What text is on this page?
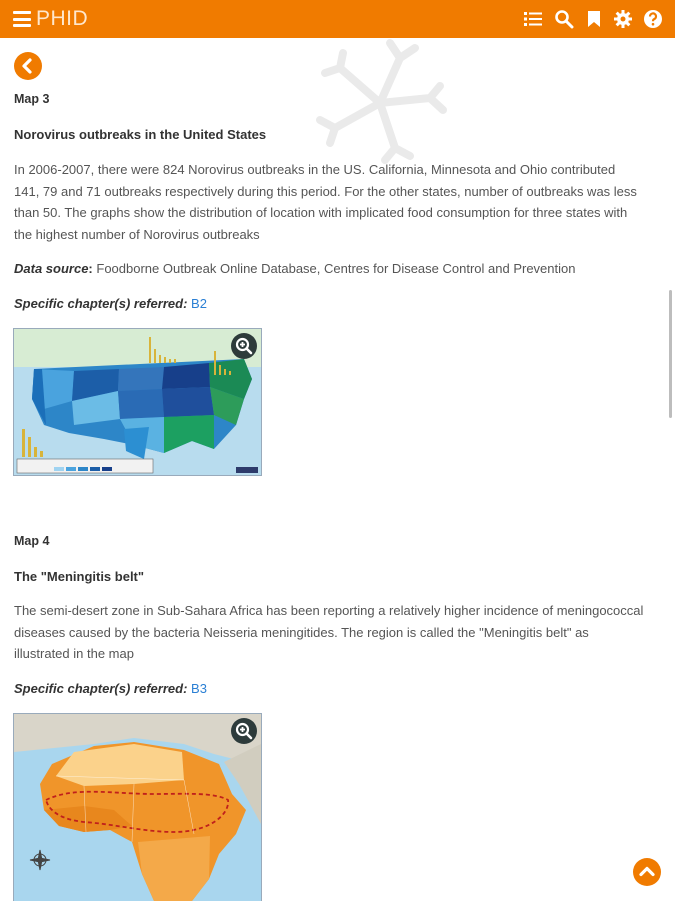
PHID
Map 3
Norovirus outbreaks in the United States
In 2006-2007, there were 824 Norovirus outbreaks in the US. California, Minnesota and Ohio contributed 141, 79 and 71 outbreaks respectively during this period. For the other states, number of outbreaks was less than 50. The graphs show the distribution of location with implicated food consumption for three states with the highest number of Norovirus outbreaks
Data source: Foodborne Outbreak Online Database, Centres for Disease Control and Prevention
Specific chapter(s) referred: B2
Map 4
The "Meningitis belt"
The semi-desert zone in Sub-Sahara Africa has been reporting a relatively higher incidence of meningococcal diseases caused by the bacteria Neisseria meningitides. The region is called the "Meningitis belt" as illustrated in the map
Specific chapter(s) referred: B3
